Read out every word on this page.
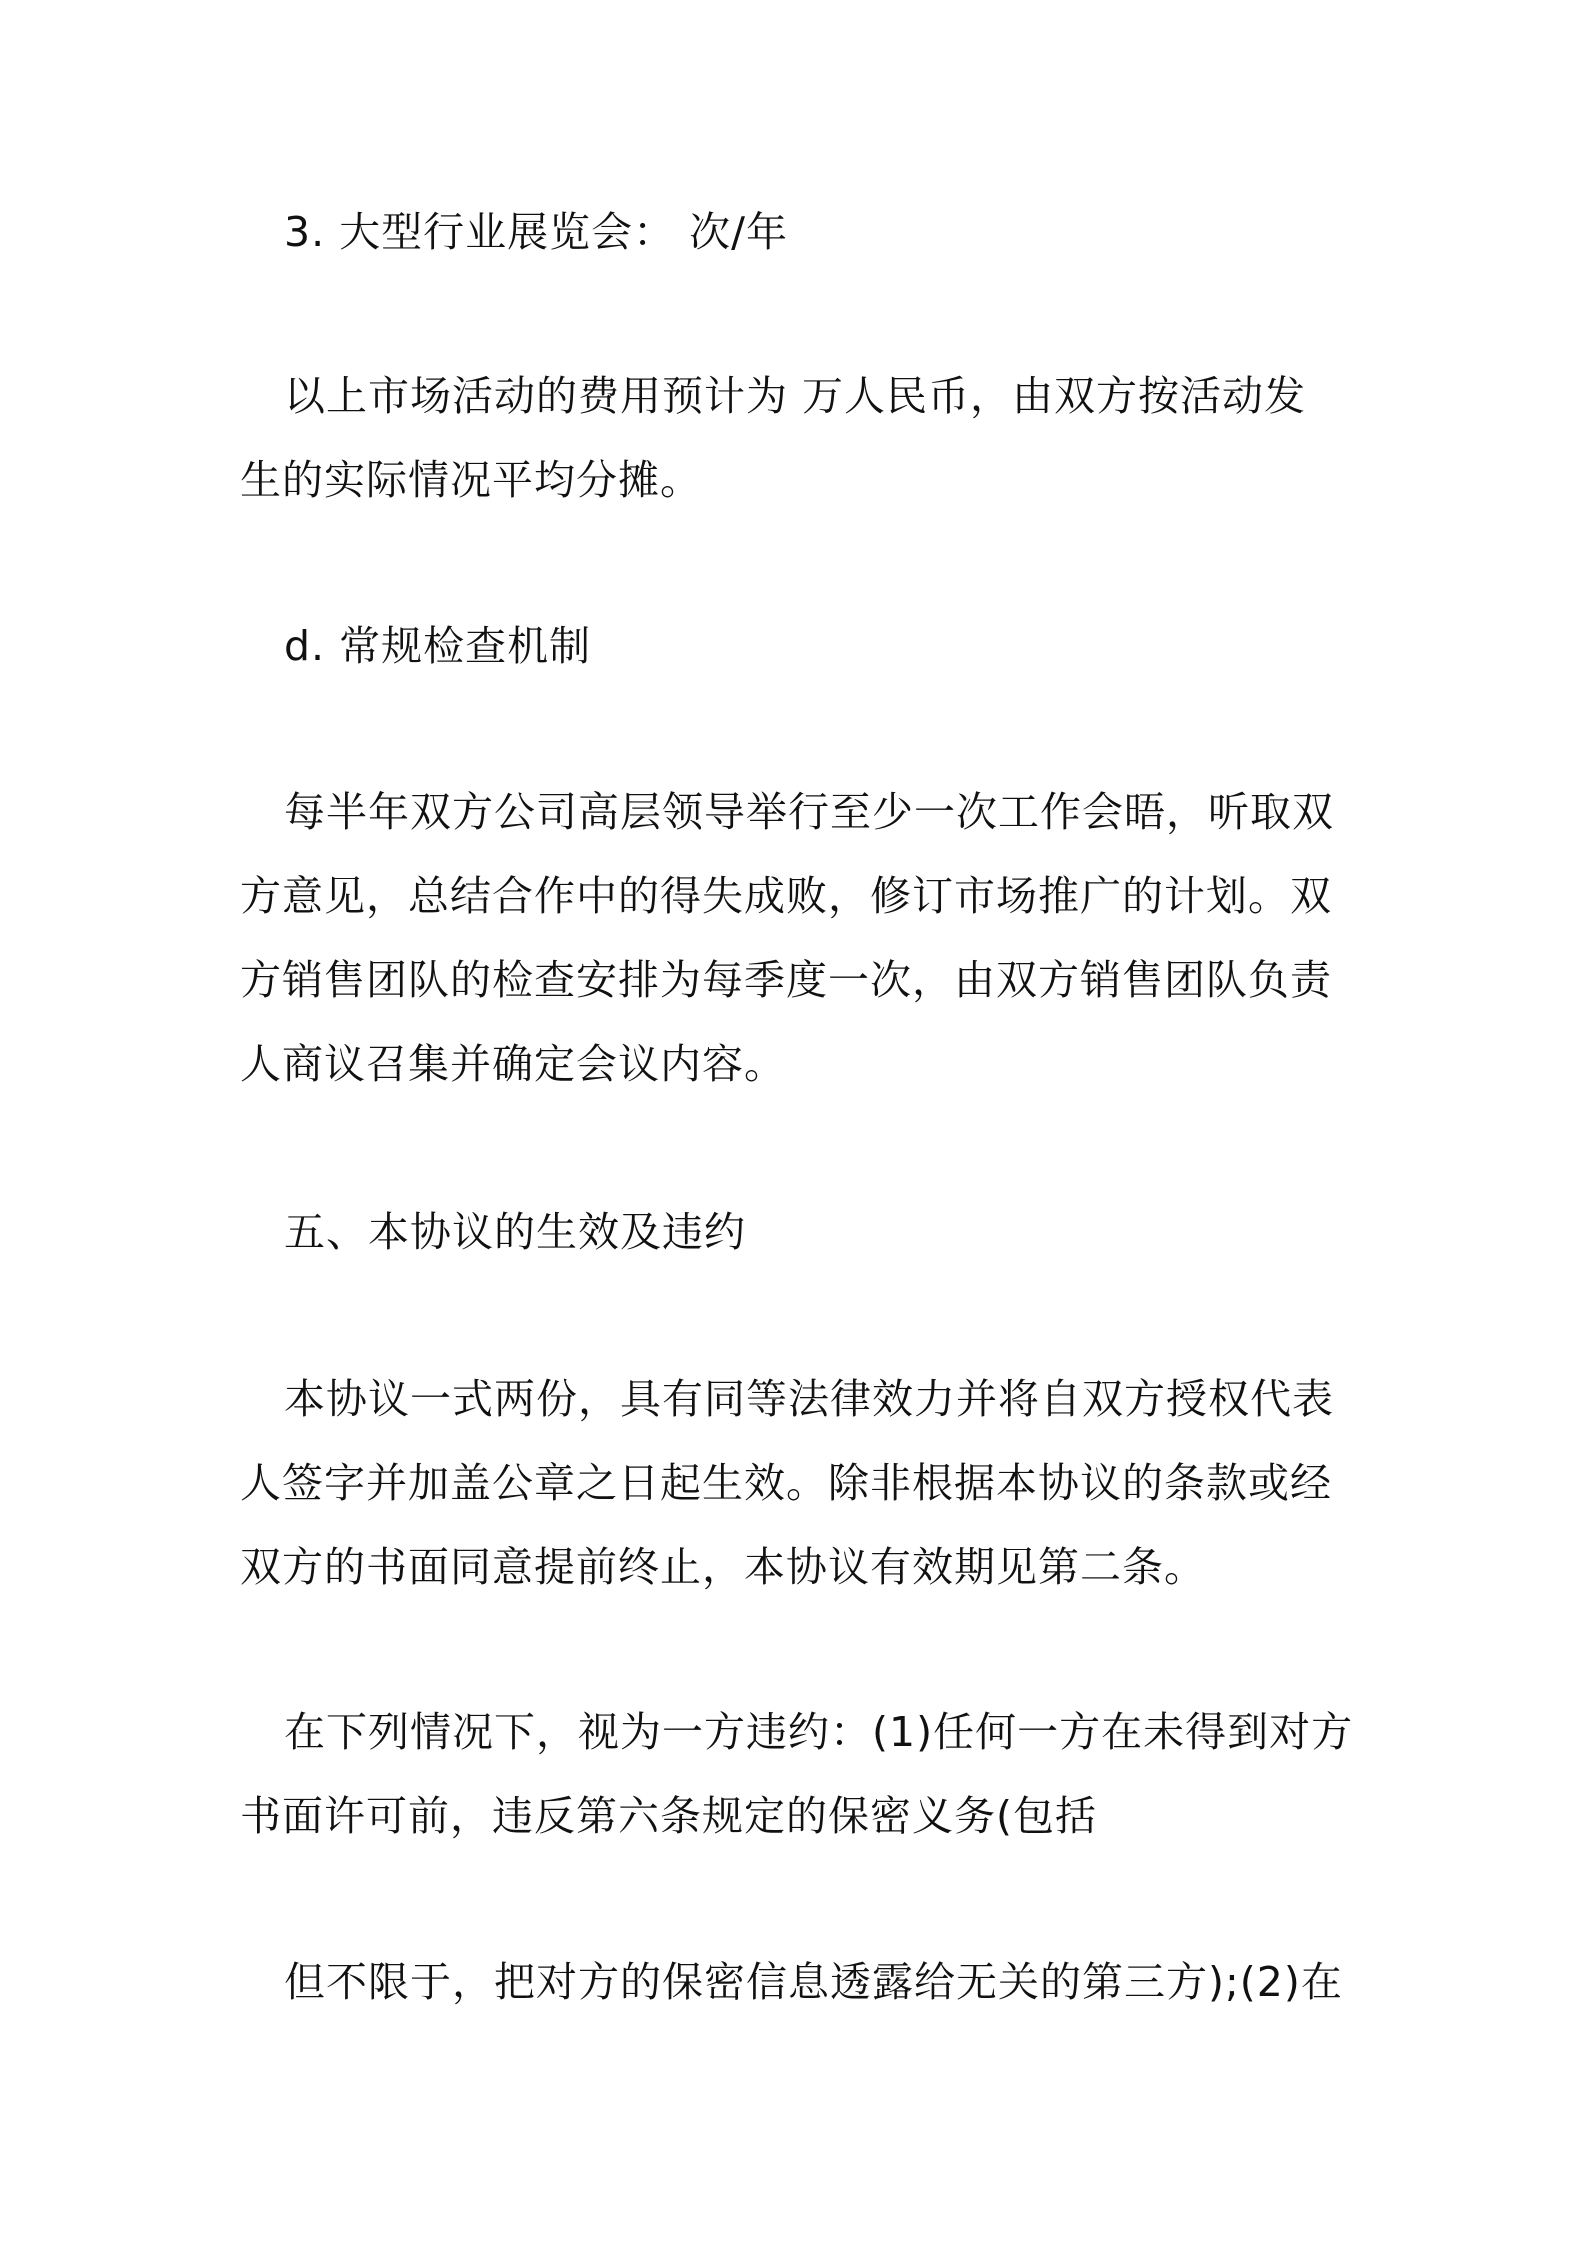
3. 大型行业展览会： 次/年

以上市场活动的费用预计为 万人民币，由双方按活动发
生的实际情况平均分摊。

d. 常规检查机制

每半年双方公司高层领导举行至少一次工作会晤，听取双
方意见，总结合作中的得失成败，修订市场推广的计划。双
方销售团队的检查安排为每季度一次，由双方销售团队负责
人商议召集并确定会议内容。

五、本协议的生效及违约

本协议一式两份，具有同等法律效力并将自双方授权代表
人签字并加盖公章之日起生效。除非根据本协议的条款或经
双方的书面同意提前终止，本协议有效期见第二条。

在下列情况下，视为一方违约：(1)任何一方在未得到对方
书面许可前，违反第六条规定的保密义务(包括

但不限于，把对方的保密信息透露给无关的第三方);(2)在
